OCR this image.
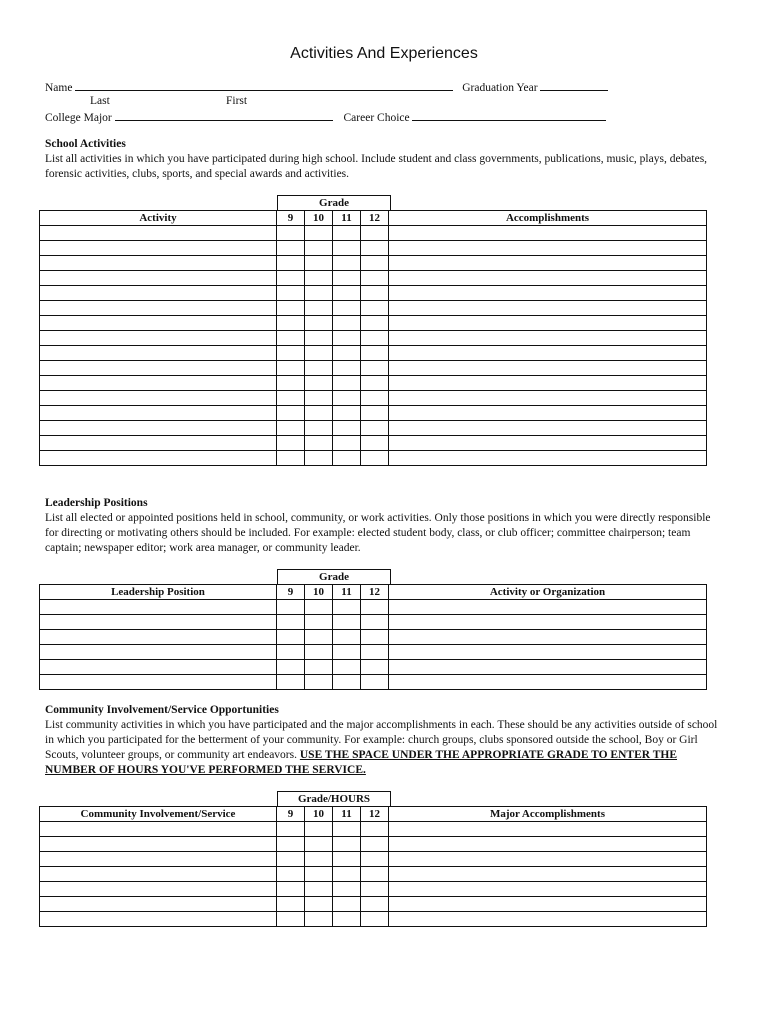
Activities And Experiences
Name	Graduation Year
Last	First
College Major	Career Choice
School Activities
List all activities in which you have participated during high school. Include student and class governments, publications, music, plays, debates, forensic activities, clubs, sports, and special awards and activities.
Grade
Activity	9	10	11	12	Accomplishments

Leadership Positions
List all elected or appointed positions held in school, community, or work activities. Only those positions in which you were directly responsible for directing or motivating others should be included. For example: elected student body, class, or club officer; committee chairperson; team captain; newspaper editor; work area manager, or community leader.
Grade
Leadership Position	9	10	11	12	Activity or Organization

Community Involvement/Service Opportunities
List community activities in which you have participated and the major accomplishments in each. These should be any activities outside of school in which you participated for the betterment of your community. For example: church groups, clubs sponsored outside the school, Boy or Girl Scouts, volunteer groups, or community art endeavors. USE THE SPACE UNDER THE APPROPRIATE GRADE TO ENTER THE NUMBER OF HOURS YOU'VE PERFORMED THE SERVICE.
Grade/HOURS
Community Involvement/Service	9	10	11	12	Major Accomplishments
